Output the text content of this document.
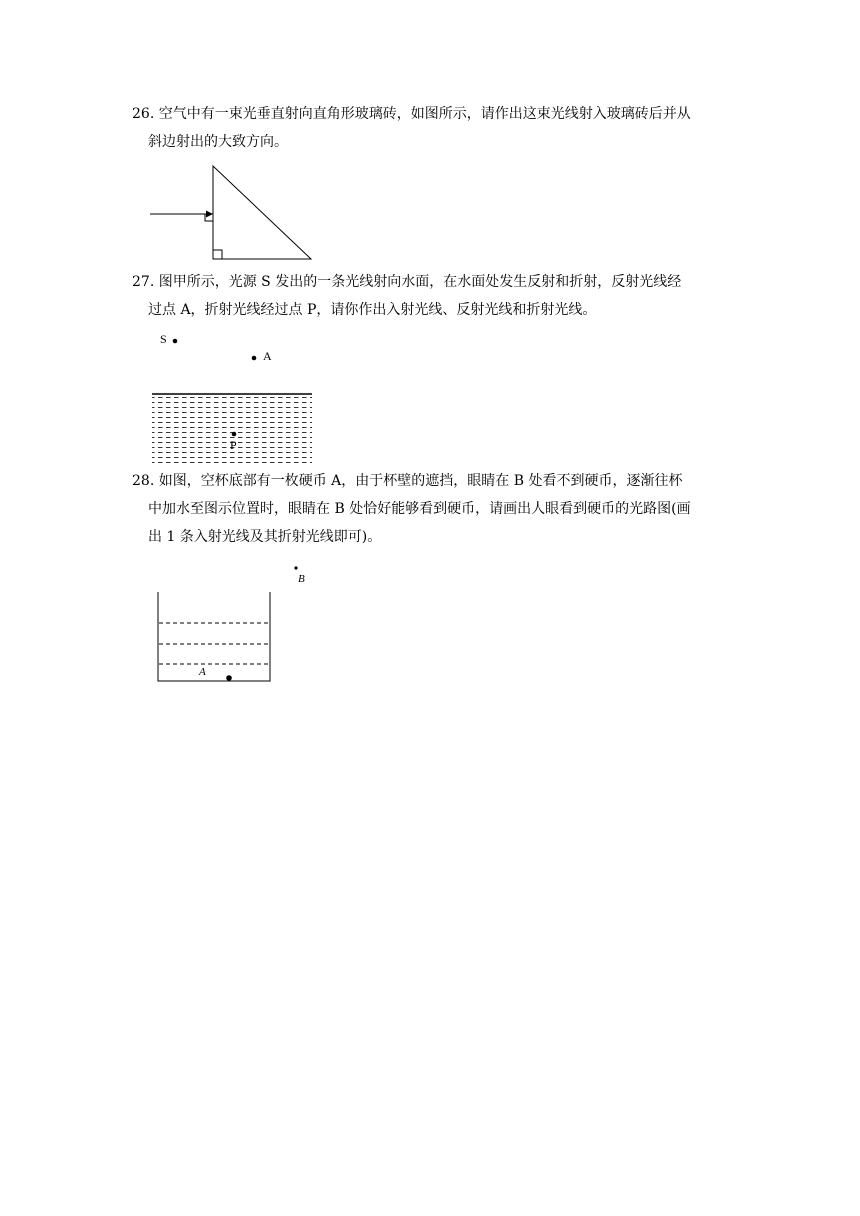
26. 空气中有一束光垂直射向直角形玻璃砖，如图所示，请作出这束光线射入玻璃砖后并从
斜边射出的大致方向。
27. 图甲所示，光源 S 发出的一条光线射向水面，在水面处发生反射和折射，反射光线经
过点 A，折射光线经过点 P，请你作出入射光线、反射光线和折射光线。
S
A
P
28. 如图，空杯底部有一枚硬币 A，由于杯壁的遮挡，眼睛在 B 处看不到硬币，逐渐往杯
中加水至图示位置时，眼睛在 B 处恰好能够看到硬币，请画出人眼看到硬币的光路图(画
出 1 条入射光线及其折射光线即可)。
B
A
